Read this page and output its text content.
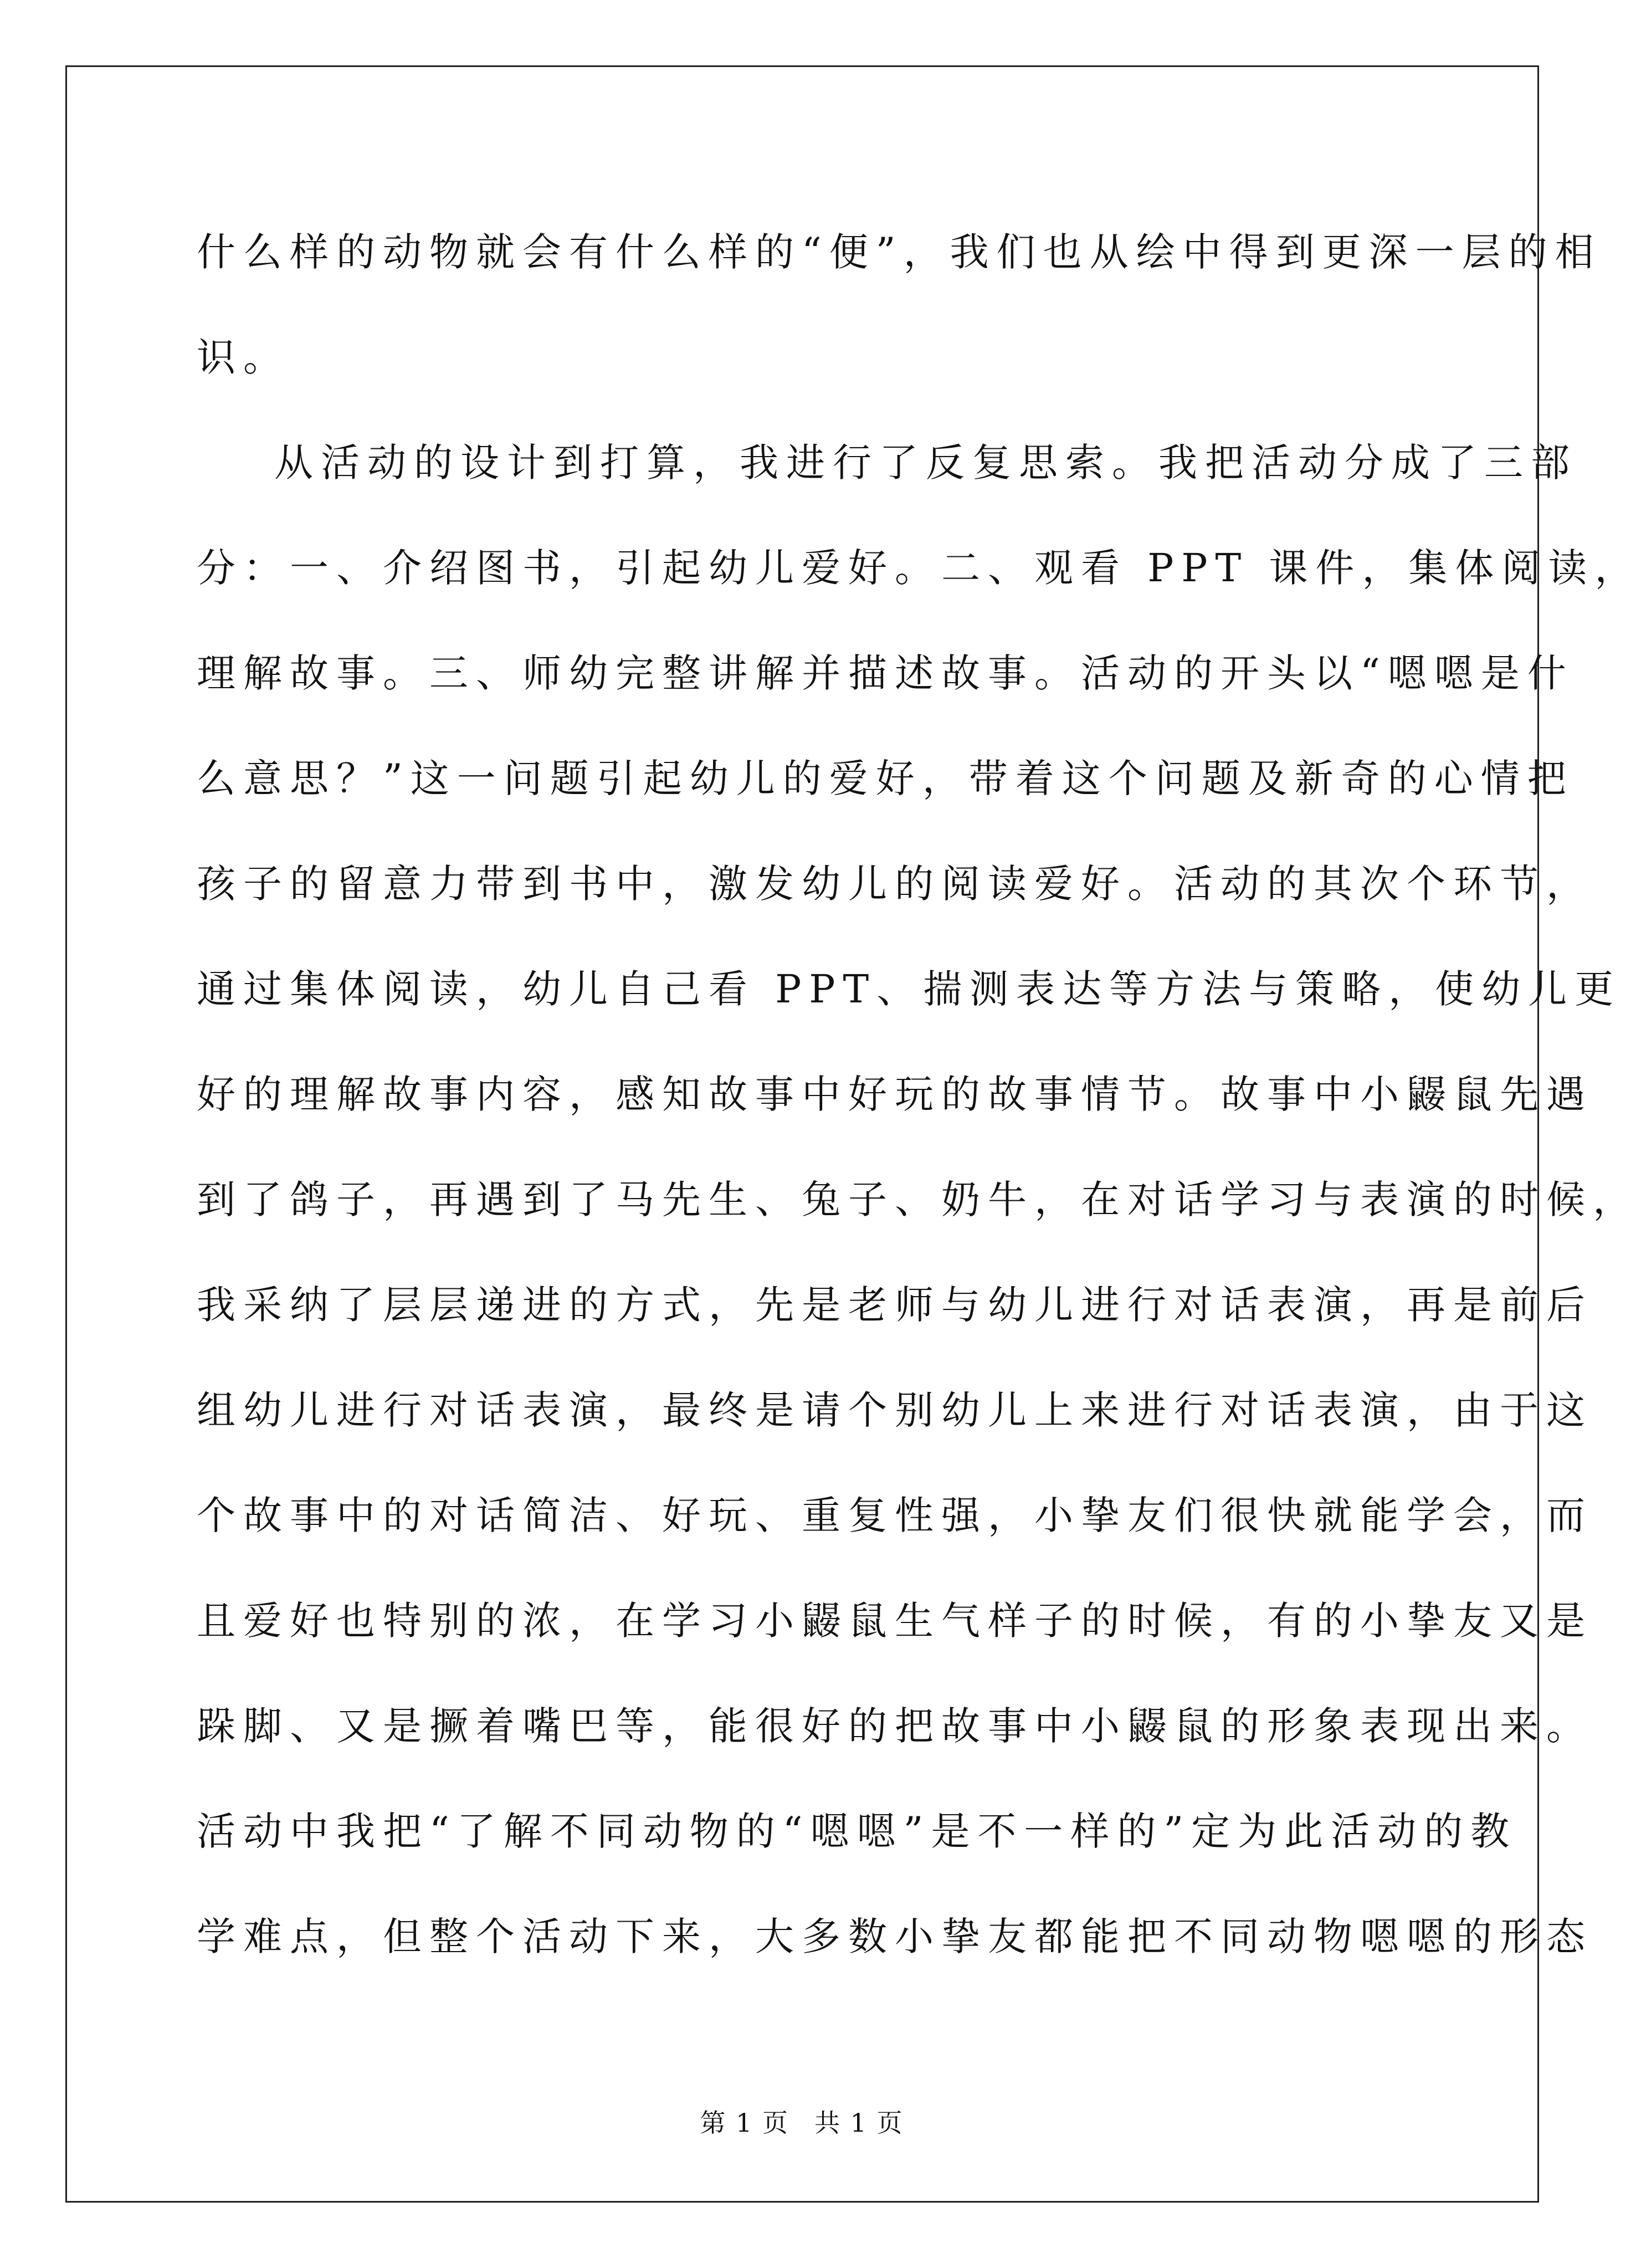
什么样的动物就会有什么样的“便”，我们也从绘中得到更深一层的相
识。
从活动的设计到打算，我进行了反复思索。我把活动分成了三部
分：一、介绍图书，引起幼儿爱好。二、观看 PPT 课件，集体阅读，
理解故事。三、师幼完整讲解并描述故事。活动的开头以“嗯嗯是什
么意思？”这一问题引起幼儿的爱好，带着这个问题及新奇的心情把
孩子的留意力带到书中，激发幼儿的阅读爱好。活动的其次个环节，
通过集体阅读，幼儿自己看 PPT、揣测表达等方法与策略，使幼儿更
好的理解故事内容，感知故事中好玩的故事情节。故事中小鼹鼠先遇
到了鸽子，再遇到了马先生、兔子、奶牛，在对话学习与表演的时候，
我采纳了层层递进的方式，先是老师与幼儿进行对话表演，再是前后
组幼儿进行对话表演，最终是请个别幼儿上来进行对话表演，由于这
个故事中的对话简洁、好玩、重复性强，小挚友们很快就能学会，而
且爱好也特别的浓，在学习小鼹鼠生气样子的时候，有的小挚友又是
跺脚、又是撅着嘴巴等，能很好的把故事中小鼹鼠的形象表现出来。
活动中我把“了解不同动物的“嗯嗯”是不一样的”定为此活动的教
学难点，但整个活动下来，大多数小挚友都能把不同动物嗯嗯的形态
第 1 页 共 1 页
